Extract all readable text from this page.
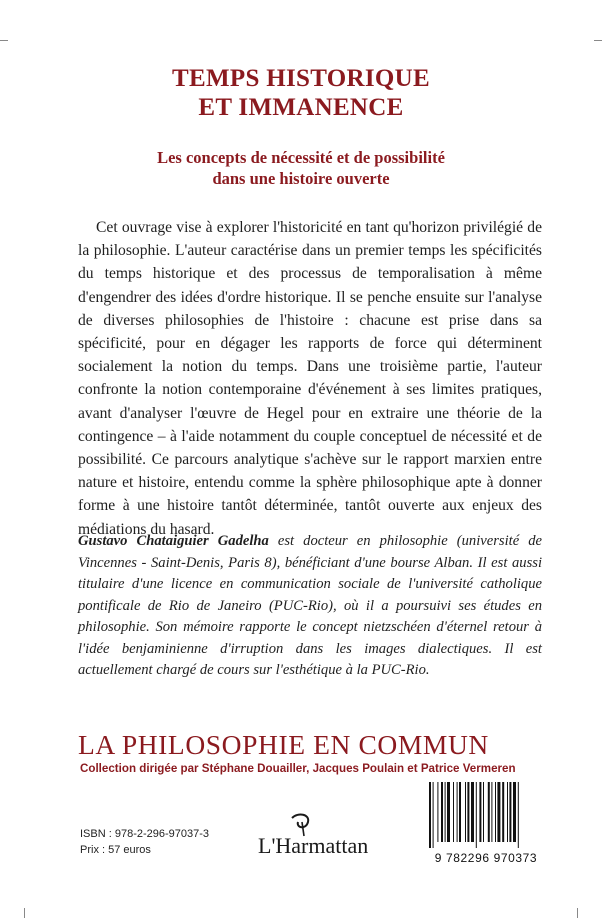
TEMPS HISTORIQUE
ET IMMANENCE
Les concepts de nécessité et de possibilité
dans une histoire ouverte

Cet ouvrage vise à explorer l'historicité en tant qu'horizon privilégié de la philosophie. L'auteur caractérise dans un premier temps les spécificités du temps historique et des processus de temporalisation à même d'engendrer des idées d'ordre historique. Il se penche ensuite sur l'analyse de diverses philosophies de l'histoire : chacune est prise dans sa spécificité, pour en dégager les rapports de force qui déterminent socialement la notion du temps. Dans une troisième partie, l'auteur confronte la notion contemporaine d'événement à ses limites pratiques, avant d'analyser l'œuvre de Hegel pour en extraire une théorie de la contingence – à l'aide notamment du couple conceptuel de nécessité et de possibilité. Ce parcours analytique s'achève sur le rapport marxien entre nature et histoire, entendu comme la sphère philosophique apte à donner forme à une histoire tantôt déterminée, tantôt ouverte aux enjeux des médiations du hasard.

Gustavo Chataiguier Gadelha est docteur en philosophie (université de Vincennes - Saint-Denis, Paris 8), bénéficiant d'une bourse Alban. Il est aussi titulaire d'une licence en communication sociale de l'université catholique pontificale de Rio de Janeiro (PUC-Rio), où il a poursuivi ses études en philosophie. Son mémoire rapporte le concept nietzschéen d'éternel retour à l'idée benjaminienne d'irruption dans les images dialectiques. Il est actuellement chargé de cours sur l'esthétique à la PUC-Rio.
LA PHILOSOPHIE EN COMMUN
Collection dirigée par Stéphane Douailler, Jacques Poulain et Patrice Vermeren
ISBN : 978-2-296-97037-3
Prix : 57 euros	L'Harmattan	9 782296 970373
